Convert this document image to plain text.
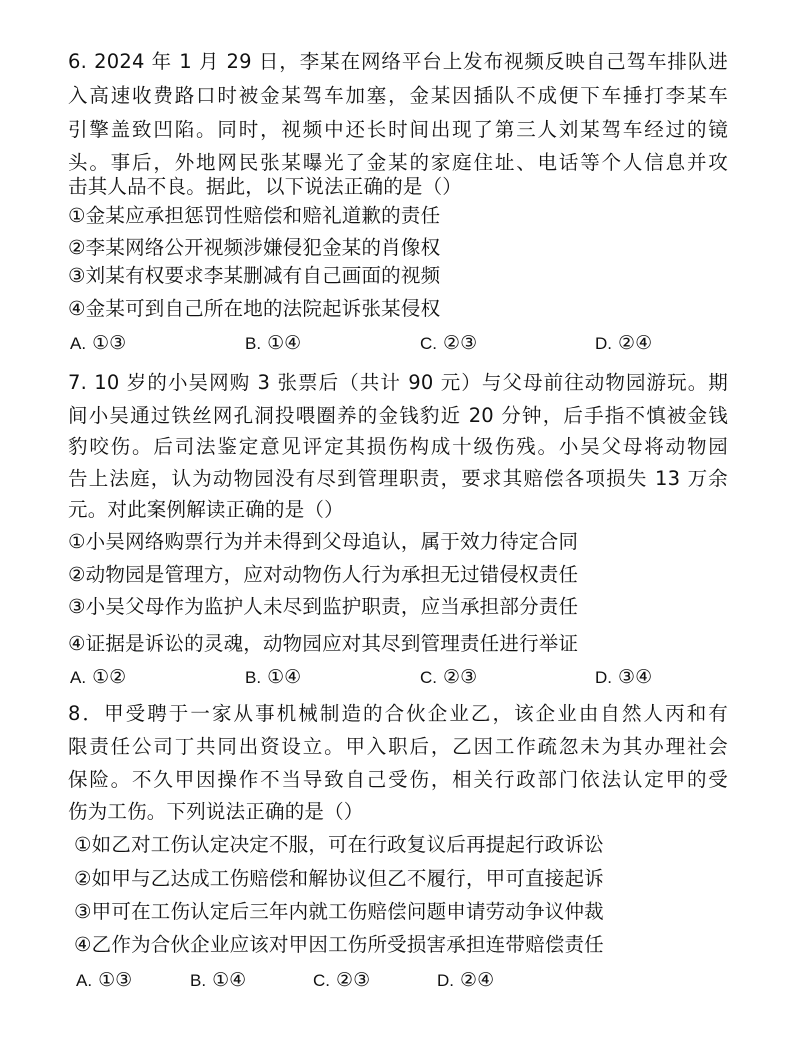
6. 2024 年 1 月 29 日，李某在网络平台上发布视频反映自己驾车排队进
入高速收费路口时被金某驾车加塞，金某因插队不成便下车捶打李某车
引擎盖致凹陷。同时，视频中还长时间出现了第三人刘某驾车经过的镜
头。事后，外地网民张某曝光了金某的家庭住址、电话等个人信息并攻
击其人品不良。据此，以下说法正确的是（）
①金某应承担惩罚性赔偿和赔礼道歉的责任
②李某网络公开视频涉嫌侵犯金某的肖像权
③刘某有权要求李某删减有自己画面的视频
④金某可到自己所在地的法院起诉张某侵权
A. ①③	B. ①④	C. ②③	D. ②④
7. 10 岁的小吴网购 3 张票后（共计 90 元）与父母前往动物园游玩。期
间小吴通过铁丝网孔洞投喂圈养的金钱豹近 20 分钟，后手指不慎被金钱
豹咬伤。后司法鉴定意见评定其损伤构成十级伤残。小吴父母将动物园
告上法庭，认为动物园没有尽到管理职责，要求其赔偿各项损失 13 万余
元。对此案例解读正确的是（）
①小吴网络购票行为并未得到父母追认，属于效力待定合同
②动物园是管理方，应对动物伤人行为承担无过错侵权责任
③小吴父母作为监护人未尽到监护职责，应当承担部分责任
④证据是诉讼的灵魂，动物园应对其尽到管理责任进行举证
A. ①②	B. ①④	C. ②③	D. ③④
8．甲受聘于一家从事机械制造的合伙企业乙，该企业由自然人丙和有
限责任公司丁共同出资设立。甲入职后，乙因工作疏忽未为其办理社会
保险。不久甲因操作不当导致自己受伤，相关行政部门依法认定甲的受
伤为工伤。下列说法正确的是（）
①如乙对工伤认定决定不服，可在行政复议后再提起行政诉讼
②如甲与乙达成工伤赔偿和解协议但乙不履行，甲可直接起诉
③甲可在工伤认定后三年内就工伤赔偿问题申请劳动争议仲裁
④乙作为合伙企业应该对甲因工伤所受损害承担连带赔偿责任
A. ①③	B. ①④	C. ②③	D. ②④
